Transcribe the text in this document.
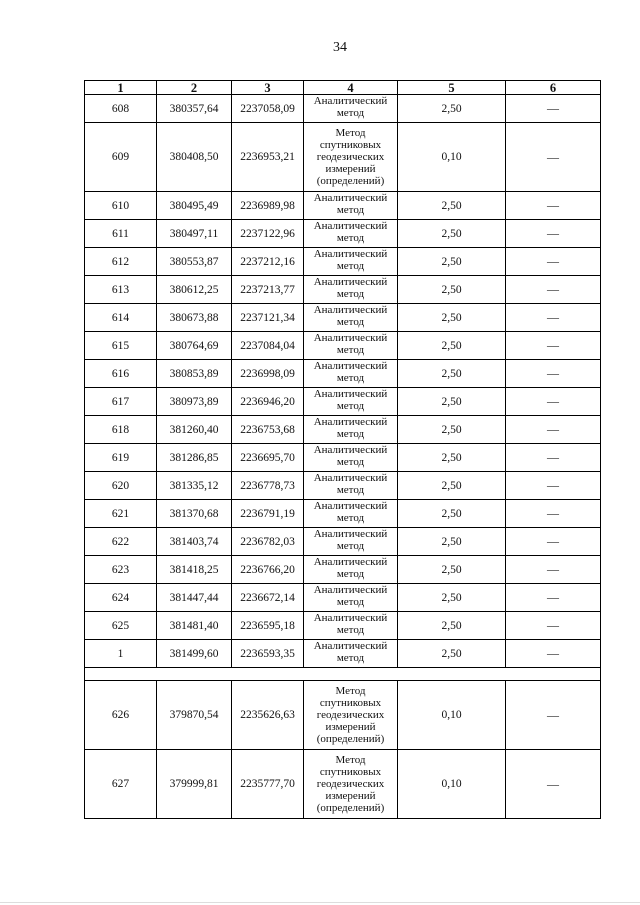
34
1	2	3	4	5	6
608	380357,64	2237058,09	Аналитический метод	2,50	—
609	380408,50	2236953,21	Метод спутниковых геодезических измерений (определений)	0,10	—
610	380495,49	2236989,98	Аналитический метод	2,50	—
611	380497,11	2237122,96	Аналитический метод	2,50	—
612	380553,87	2237212,16	Аналитический метод	2,50	—
613	380612,25	2237213,77	Аналитический метод	2,50	—
614	380673,88	2237121,34	Аналитический метод	2,50	—
615	380764,69	2237084,04	Аналитический метод	2,50	—
616	380853,89	2236998,09	Аналитический метод	2,50	—
617	380973,89	2236946,20	Аналитический метод	2,50	—
618	381260,40	2236753,68	Аналитический метод	2,50	—
619	381286,85	2236695,70	Аналитический метод	2,50	—
620	381335,12	2236778,73	Аналитический метод	2,50	—
621	381370,68	2236791,19	Аналитический метод	2,50	—
622	381403,74	2236782,03	Аналитический метод	2,50	—
623	381418,25	2236766,20	Аналитический метод	2,50	—
624	381447,44	2236672,14	Аналитический метод	2,50	—
625	381481,40	2236595,18	Аналитический метод	2,50	—
1	381499,60	2236593,35	Аналитический метод	2,50	—

626	379870,54	2235626,63	Метод спутниковых геодезических измерений (определений)	0,10	—
627	379999,81	2235777,70	Метод спутниковых геодезических измерений (определений)	0,10	—
